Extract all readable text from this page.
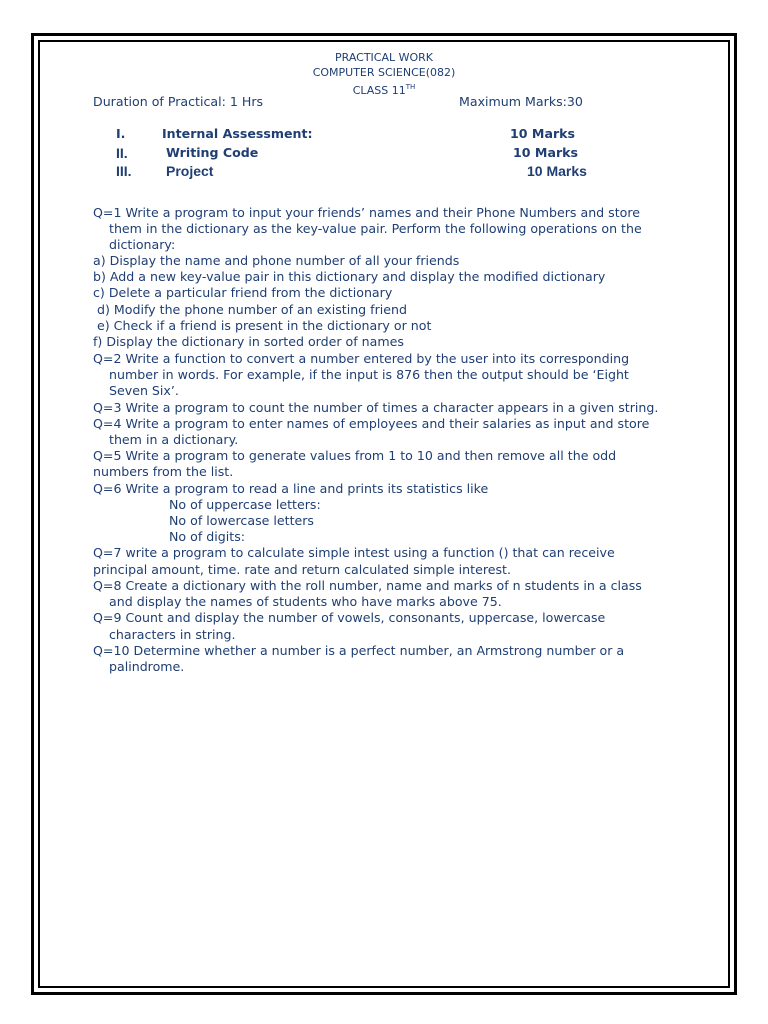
PRACTICAL WORK
COMPUTER SCIENCE(082)
CLASS 11TH
Duration of Practical: 1 Hrs	Maximum Marks:30
I.	Internal Assessment:	10 Marks
II.	Writing Code	10 Marks
III. Project	10 Marks
Q=1 Write a program to input your friends’ names and their Phone Numbers and store
them in the dictionary as the key-value pair. Perform the following operations on the
dictionary:
a) Display the name and phone number of all your friends
b) Add a new key-value pair in this dictionary and display the modified dictionary
c) Delete a particular friend from the dictionary
d) Modify the phone number of an existing friend
e) Check if a friend is present in the dictionary or not
f) Display the dictionary in sorted order of names
Q=2 Write a function to convert a number entered by the user into its corresponding
number in words. For example, if the input is 876 then the output should be ‘Eight
Seven Six’.
Q=3 Write a program to count the number of times a character appears in a given string.
Q=4 Write a program to enter names of employees and their salaries as input and store
them in a dictionary.
Q=5 Write a program to generate values from 1 to 10 and then remove all the odd
numbers from the list.
Q=6 Write a program to read a line and prints its statistics like
No of uppercase letters:
No of lowercase letters
No of digits:
Q=7 write a program to calculate simple intest using a function () that can receive
principal amount, time. rate and return calculated simple interest.
Q=8 Create a dictionary with the roll number, name and marks of n students in a class
and display the names of students who have marks above 75.
Q=9 Count and display the number of vowels, consonants, uppercase, lowercase
characters in string.
Q=10 Determine whether a number is a perfect number, an Armstrong number or a
palindrome.
